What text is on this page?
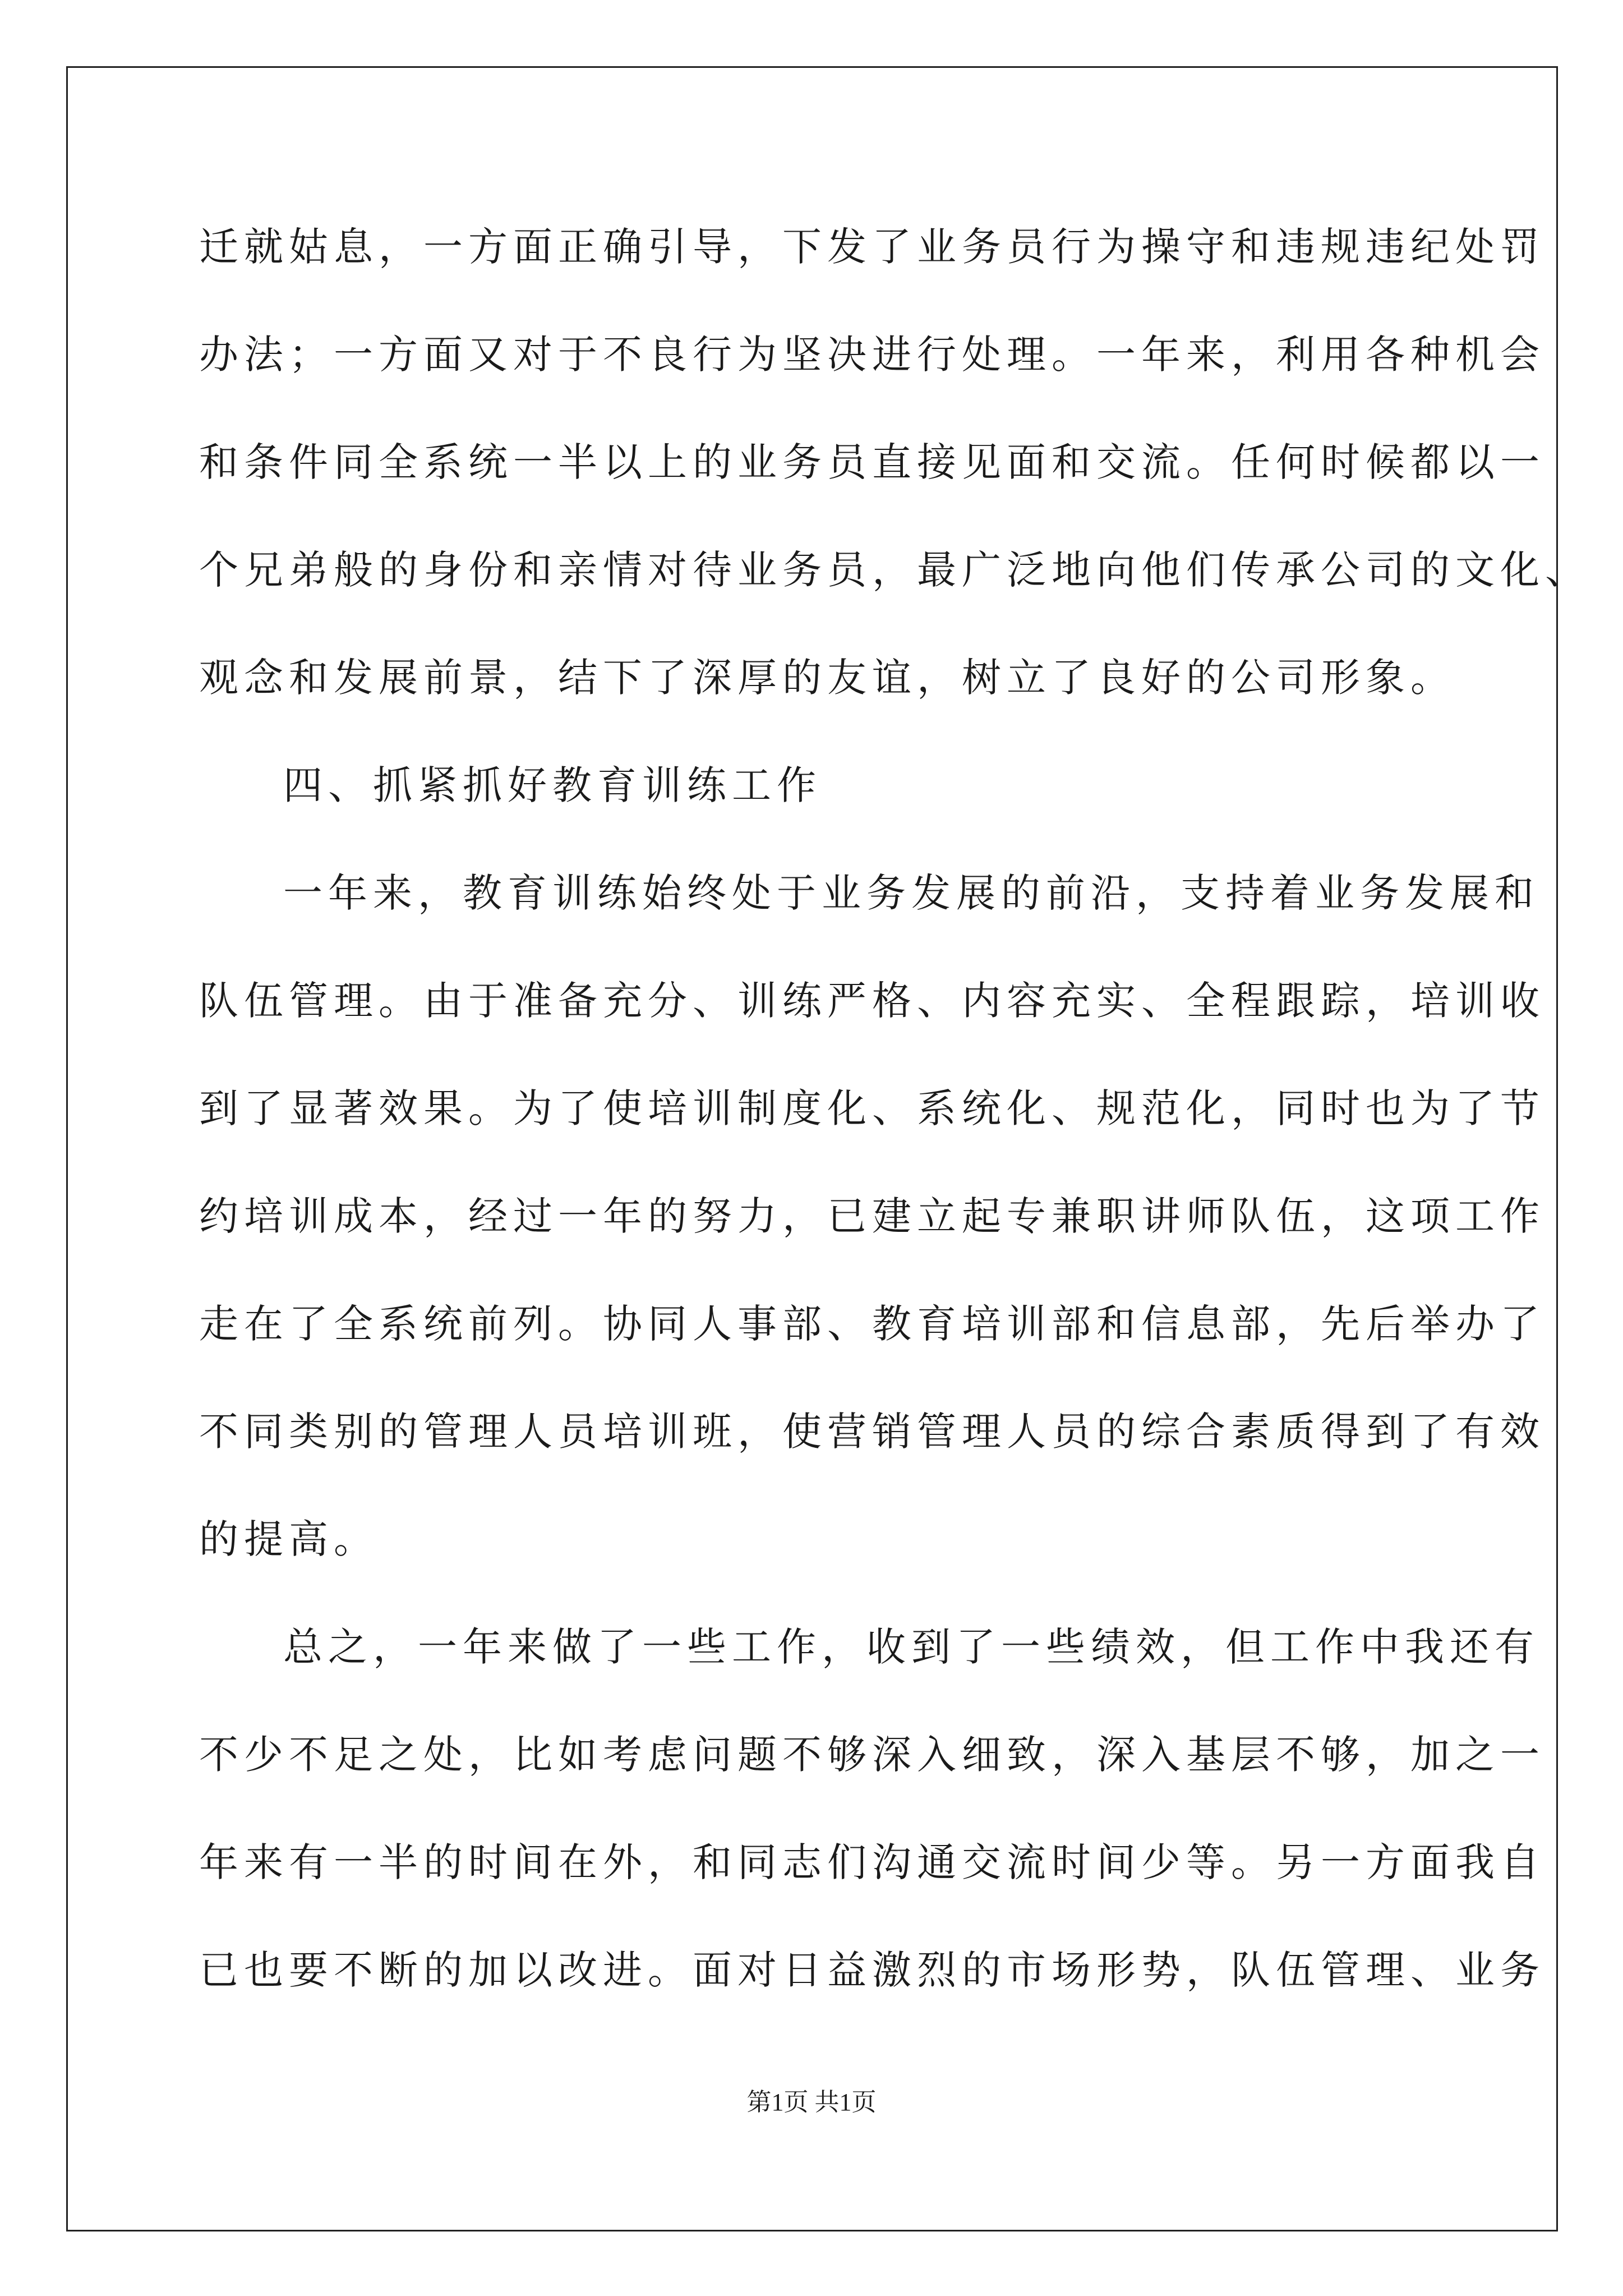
迁就姑息，一方面正确引导，下发了业务员行为操守和违规违纪处罚
办法；一方面又对于不良行为坚决进行处理。一年来，利用各种机会
和条件同全系统一半以上的业务员直接见面和交流。任何时候都以一
个兄弟般的身份和亲情对待业务员，最广泛地向他们传承公司的文化、
观念和发展前景，结下了深厚的友谊，树立了良好的公司形象。
四、抓紧抓好教育训练工作
一年来，教育训练始终处于业务发展的前沿，支持着业务发展和
队伍管理。由于准备充分、训练严格、内容充实、全程跟踪，培训收
到了显著效果。为了使培训制度化、系统化、规范化，同时也为了节
约培训成本，经过一年的努力，已建立起专兼职讲师队伍，这项工作
走在了全系统前列。协同人事部、教育培训部和信息部，先后举办了
不同类别的管理人员培训班，使营销管理人员的综合素质得到了有效
的提高。
总之，一年来做了一些工作，收到了一些绩效，但工作中我还有
不少不足之处，比如考虑问题不够深入细致，深入基层不够，加之一
年来有一半的时间在外，和同志们沟通交流时间少等。另一方面我自
已也要不断的加以改进。面对日益激烈的市场形势，队伍管理、业务
第1页 共1页
